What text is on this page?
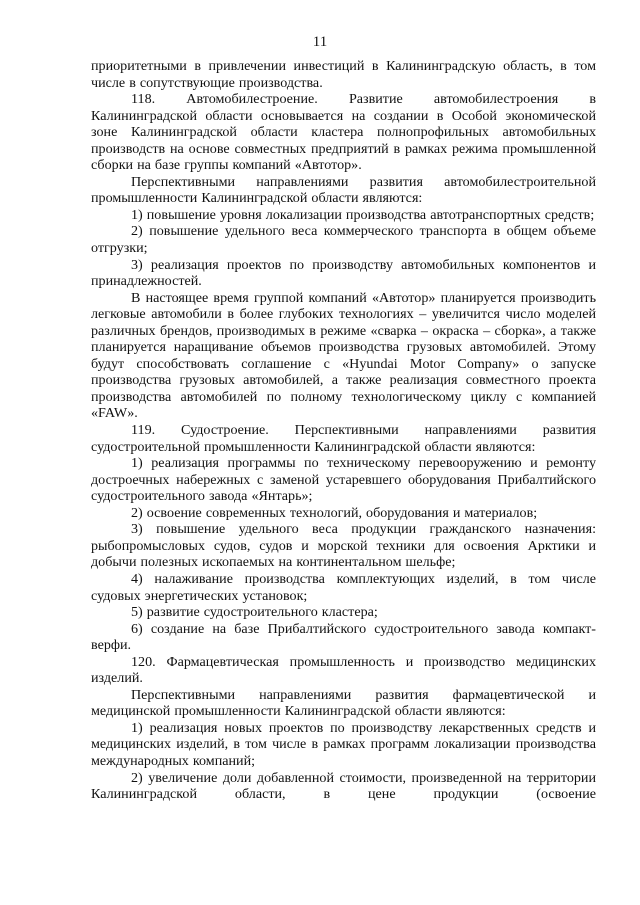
11

приоритетными в привлечении инвестиций в Калининградскую область, в том числе в сопутствующие производства.

118. Автомобилестроение. Развитие автомобилестроения в Калининградской области основывается на создании в Особой экономической зоне Калининградской области кластера полнопрофильных автомобильных производств на основе совместных предприятий в рамках режима промышленной сборки на базе группы компаний «Автотор».

Перспективными направлениями развития автомобилестроительной промышленности Калининградской области являются:

1) повышение уровня локализации производства автотранспортных средств;

2) повышение удельного веса коммерческого транспорта в общем объеме отгрузки;

3) реализация проектов по производству автомобильных компонентов и принадлежностей.

В настоящее время группой компаний «Автотор» планируется производить легковые автомобили в более глубоких технологиях – увеличится число моделей различных брендов, производимых в режиме «сварка – окраска – сборка», а также планируется наращивание объемов производства грузовых автомобилей. Этому будут способствовать соглашение с «Hyundai Motor Company» о запуске производства грузовых автомобилей, а также реализация совместного проекта производства автомобилей по полному технологическому циклу с компанией «FAW».

119. Судостроение. Перспективными направлениями развития судостроительной промышленности Калининградской области являются:

1) реализация программы по техническому перевооружению и ремонту достроечных набережных с заменой устаревшего оборудования Прибалтийского судостроительного завода «Янтарь»;

2) освоение современных технологий, оборудования и материалов;

3) повышение удельного веса продукции гражданского назначения: рыбопромысловых судов, судов и морской техники для освоения Арктики и добычи полезных ископаемых на континентальном шельфе;

4) налаживание производства комплектующих изделий, в том числе судовых энергетических установок;

5) развитие судостроительного кластера;

6) создание на базе Прибалтийского судостроительного завода компакт-верфи.

120. Фармацевтическая промышленность и производство медицинских изделий.

Перспективными направлениями развития фармацевтической и медицинской промышленности Калининградской области являются:

1) реализация новых проектов по производству лекарственных средств и медицинских изделий, в том числе в рамках программ локализации производства международных компаний;

2) увеличение доли добавленной стоимости, произведенной на территории Калининградской области, в цене продукции (освоение
